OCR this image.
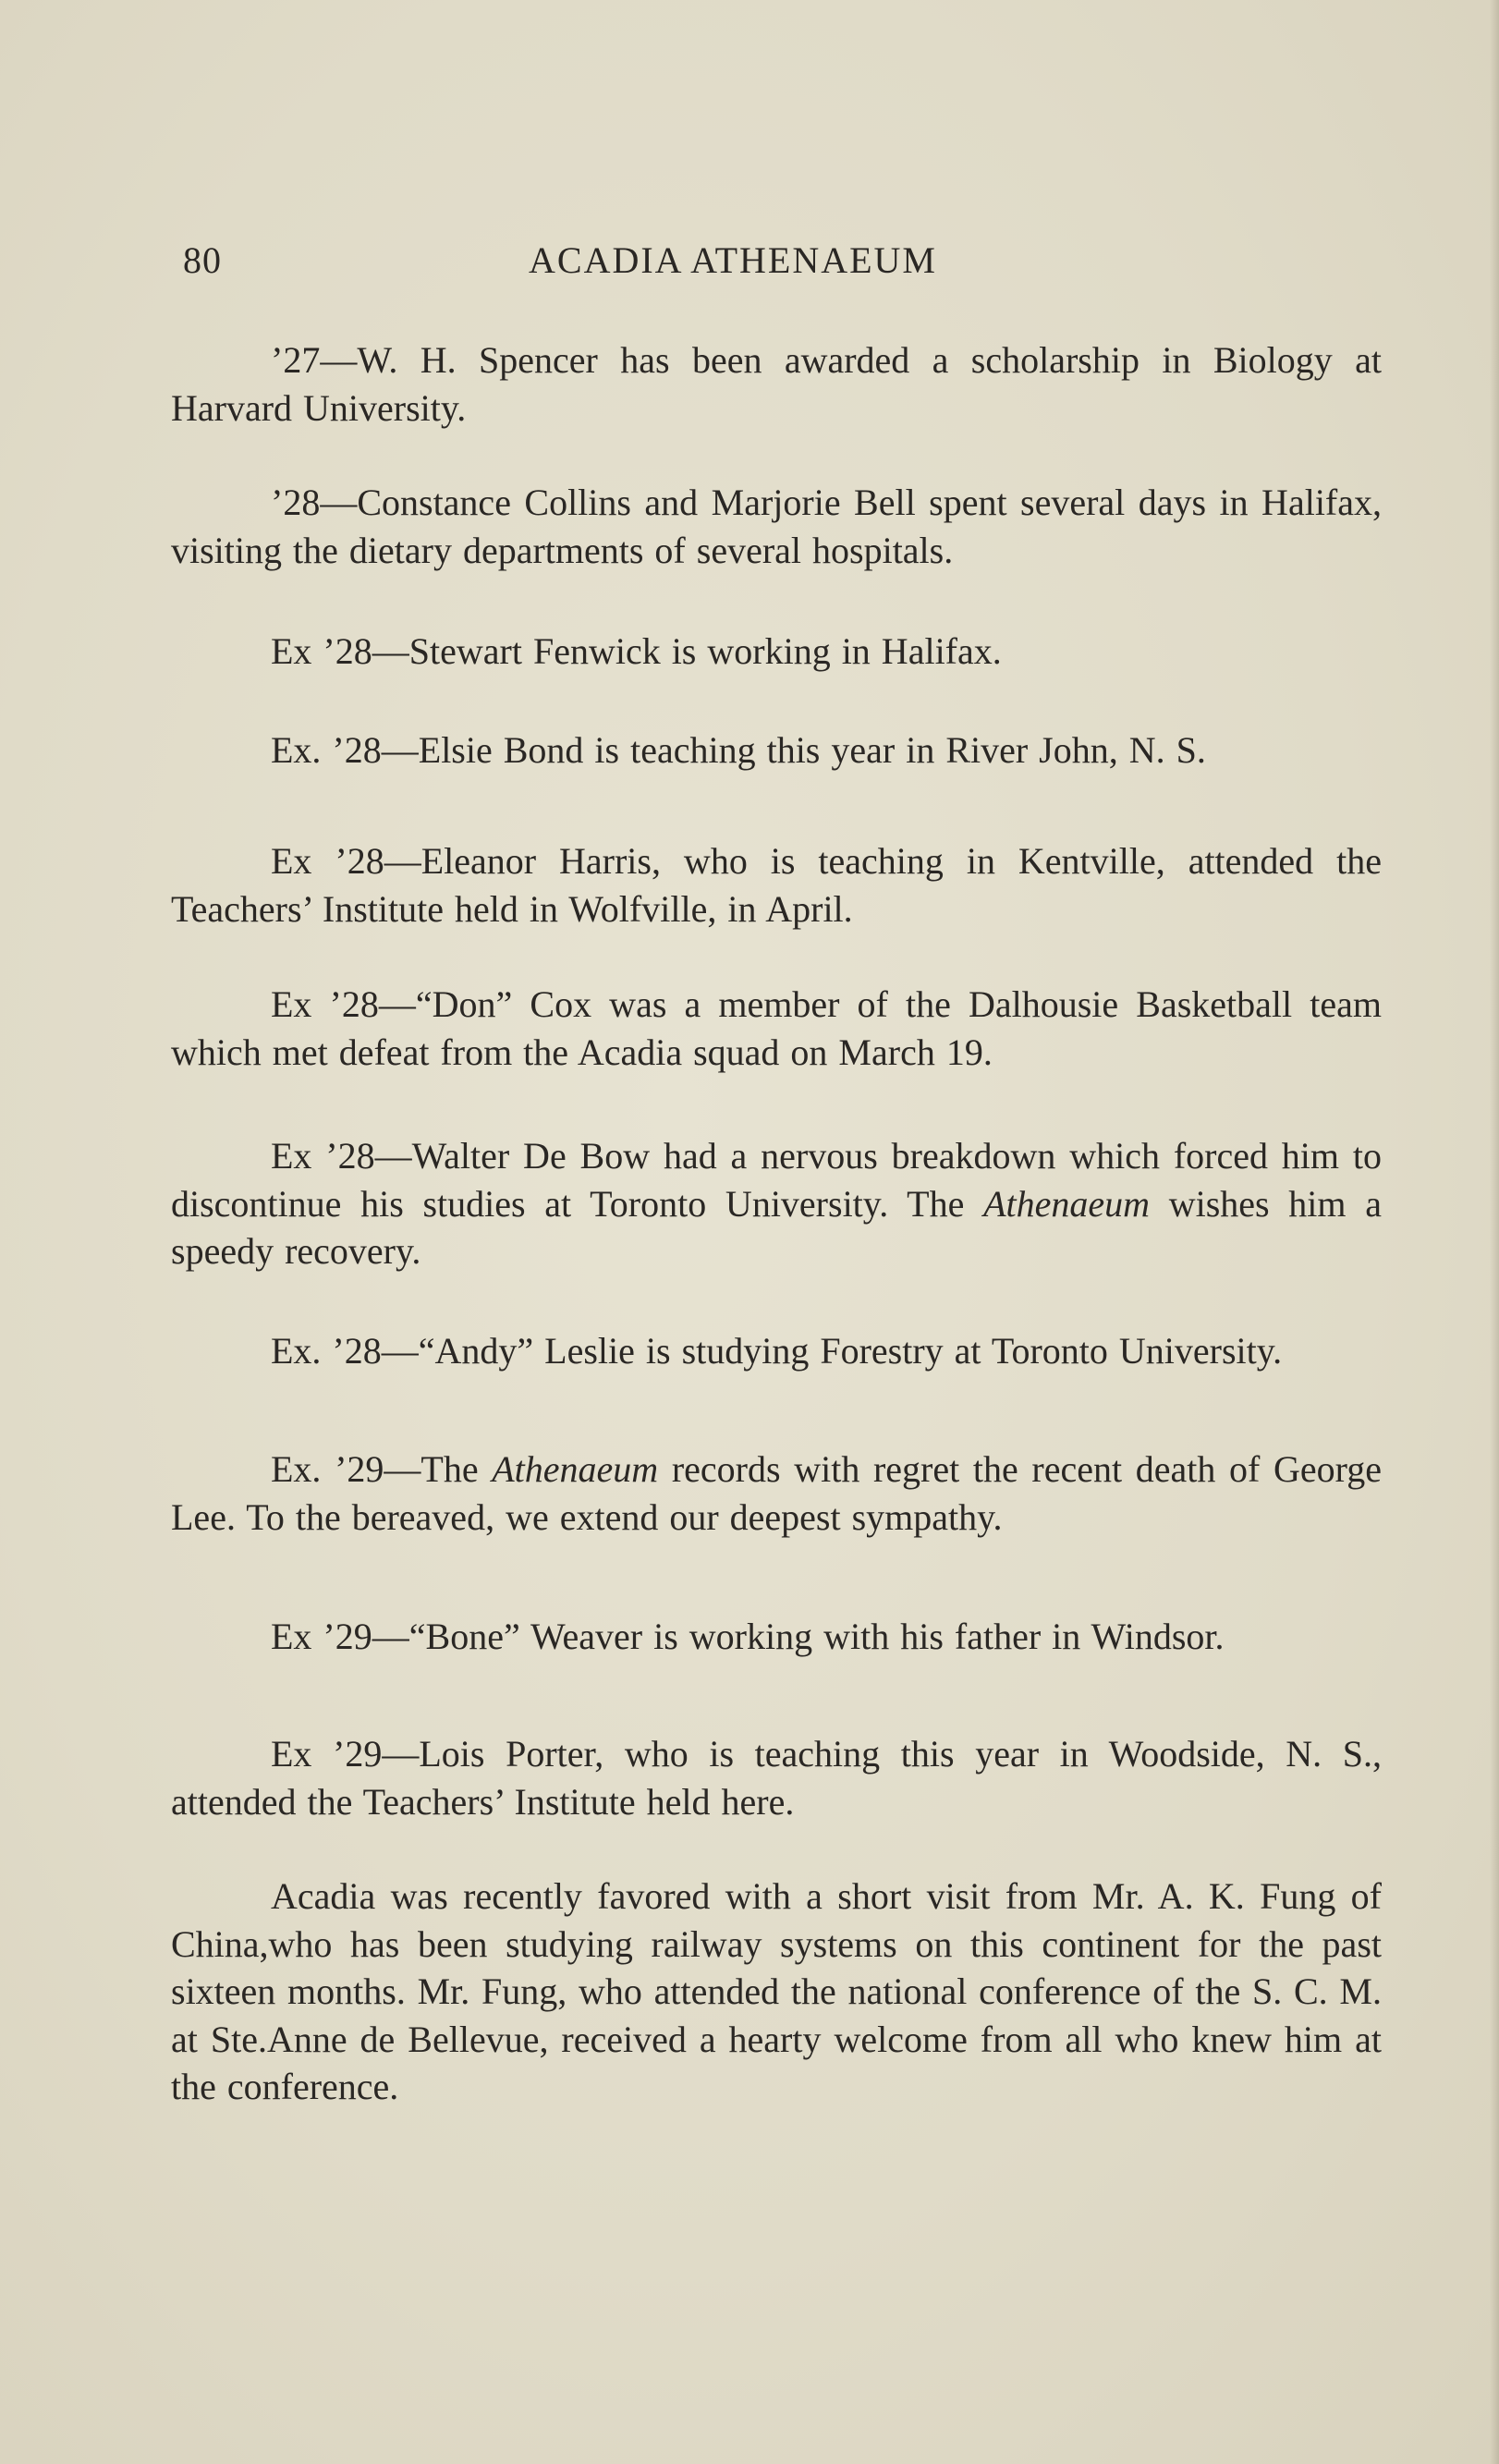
80	ACADIA ATHENAEUM

’27—W. H. Spencer has been awarded a scholarship in Biology at Harvard University.

’28—Constance Collins and Marjorie Bell spent several days in Halifax, visiting the dietary departments of several hospitals.

Ex ’28—Stewart Fenwick is working in Halifax.

Ex. ’28—Elsie Bond is teaching this year in River John, N. S.

Ex ’28—Eleanor Harris, who is teaching in Kentville, attended the Teachers’ Institute held in Wolfville, in April.

Ex ’28—“Don” Cox was a member of the Dalhousie Basketball team which met defeat from the Acadia squad on March 19.

Ex ’28—Walter De Bow had a nervous breakdown which forced him to discontinue his studies at Toronto University. The Athenaeum wishes him a speedy recovery.

Ex. ’28—“Andy” Leslie is studying Forestry at Toronto University.

Ex. ’29—The Athenaeum records with regret the recent death of George Lee. To the bereaved, we extend our deepest sympathy.

Ex ’29—“Bone” Weaver is working with his father in Windsor.

Ex ’29—Lois Porter, who is teaching this year in Woodside, N. S., attended the Teachers’ Institute held here.

Acadia was recently favored with a short visit from Mr. A. K. Fung of China,who has been studying railway systems on this continent for the past sixteen months. Mr. Fung, who attended the national conference of the S. C. M. at Ste.Anne de Bellevue, received a hearty welcome from all who knew him at the conference.
